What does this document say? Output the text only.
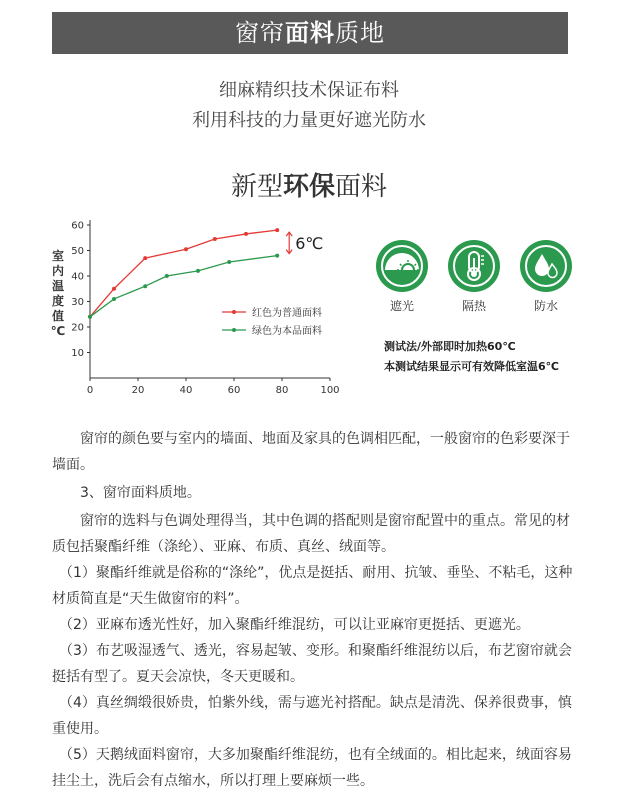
窗帘面料质地
细麻精织技术保证布料
利用科技的力量更好遮光防水
新型环保面料
10
20
30
40
50
60
0	20	40	60	80	100
室
内
温
度
值
℃
红色为普通面料
绿色为本品面料
6℃
遮光	隔热	防水
测试法/外部即时加热60℃
本测试结果显示可有效降低室温6℃
　　窗帘的颜色要与室内的墙面、地面及家具的色调相匹配，一般窗帘的色彩要深于墙面。
　　3、窗帘面料质地。
　　窗帘的选料与色调处理得当，其中色调的搭配则是窗帘配置中的重点。常见的材质包括聚酯纤维（涤纶）、亚麻、布质、真丝、绒面等。
　（1）聚酯纤维就是俗称的“涤纶”，优点是挺括、耐用、抗皱、垂坠、不粘毛，这种材质简直是“天生做窗帘的料”。
　（2）亚麻布透光性好，加入聚酯纤维混纺，可以让亚麻帘更挺括、更遮光。
　（3）布艺吸湿透气、透光，容易起皱、变形。和聚酯纤维混纺以后，布艺窗帘就会挺括有型了。夏天会凉快，冬天更暖和。
　（4）真丝绸缎很娇贵，怕紫外线，需与遮光衬搭配。缺点是清洗、保养很费事，慎重使用。
　（5）天鹅绒面料窗帘，大多加聚酯纤维混纺，也有全绒面的。相比起来，绒面容易挂尘土，洗后会有点缩水，所以打理上要麻烦一些。
